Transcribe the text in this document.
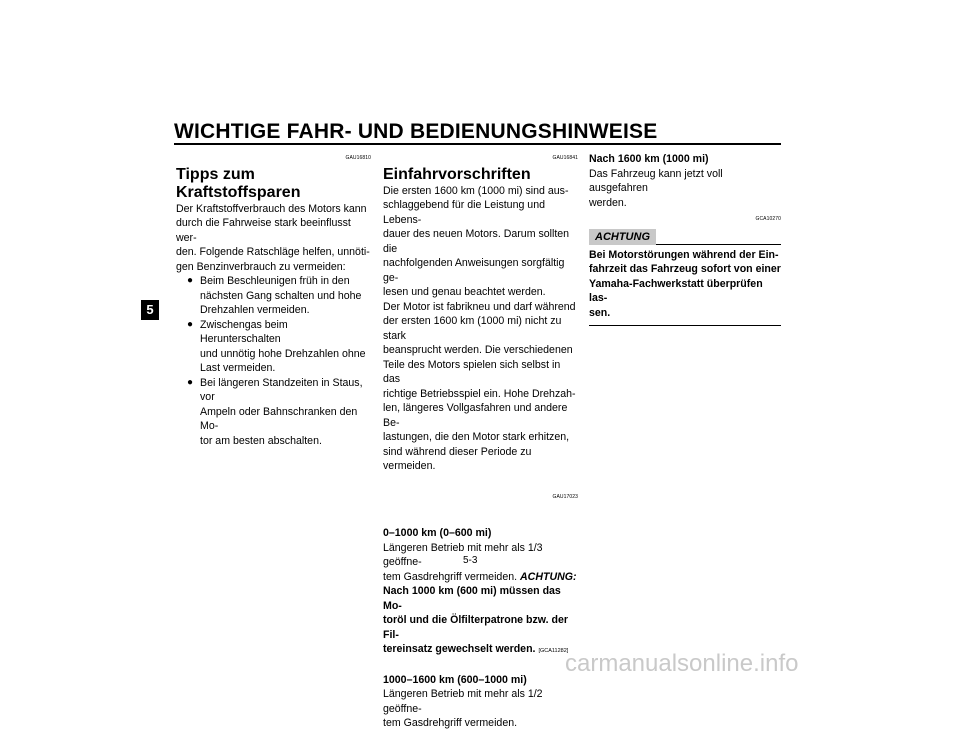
WICHTIGE FAHR- UND BEDIENUNGSHINWEISE
5
GAU16810
Tipps zum Kraftstoffsparen

Der Kraftstoffverbrauch des Motors kann

durch die Fahrweise stark beeinflusst wer-

den. Folgende Ratschläge helfen, unnöti-

gen Benzinverbrauch zu vermeiden:

● Beim Beschleunigen früh in den

nächsten Gang schalten und hohe

Drehzahlen vermeiden.

● Zwischengas beim Herunterschalten

und unnötig hohe Drehzahlen ohne

Last vermeiden.

● Bei längeren Standzeiten in Staus, vor

Ampeln oder Bahnschranken den Mo-

tor am besten abschalten.

GAU16841
Einfahrvorschriften

Die ersten 1600 km (1000 mi) sind aus-

schlaggebend für die Leistung und Lebens-

dauer des neuen Motors. Darum sollten die

nachfolgenden Anweisungen sorgfältig ge-

lesen und genau beachtet werden.

Der Motor ist fabrikneu und darf während

der ersten 1600 km (1000 mi) nicht zu stark

beansprucht werden. Die verschiedenen

Teile des Motors spielen sich selbst in das

richtige Betriebsspiel ein. Hohe Drehzah-

len, längeres Vollgasfahren und andere Be-

lastungen, die den Motor stark erhitzen,

sind während dieser Periode zu vermeiden.

GAU17023

0–1000 km (0–600 mi)

Längeren Betrieb mit mehr als 1/3 geöffne-

tem Gasdrehgriff vermeiden. ACHTUNG:

Nach 1000 km (600 mi) müssen das Mo-

toröl und die Ölfilterpatrone bzw. der Fil-

tereinsatz gewechselt werden. [GCA11282]

1000–1600 km (600–1000 mi)

Längeren Betrieb mit mehr als 1/2 geöffne-

tem Gasdrehgriff vermeiden.

Nach 1600 km (1000 mi)

Das Fahrzeug kann jetzt voll ausgefahren

werden.

GCA10270
ACHTUNG

Bei Motorstörungen während der Ein-

fahrzeit das Fahrzeug sofort von einer

Yamaha-Fachwerkstatt überprüfen las-

sen.

5-3
carmanualsonline.info
